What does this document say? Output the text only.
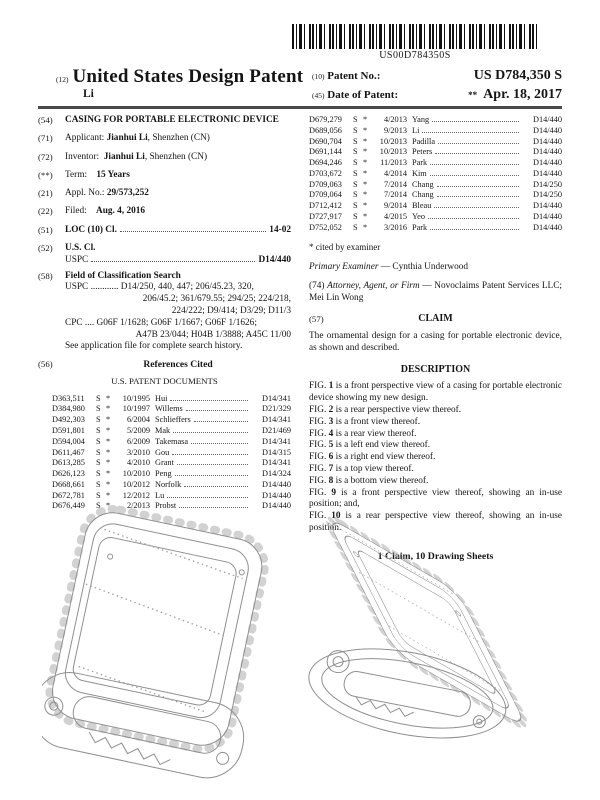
US00D784350S
(12) United States Design Patent
Li
(10) Patent No.:	US D784,350 S
(45) Date of Patent:	** Apr. 18, 2017
(54)	CASING FOR PORTABLE ELECTRONIC DEVICE
(71)	Applicant: Jianhui Li, Shenzhen (CN)
(72)	Inventor: Jianhui Li, Shenzhen (CN)
(**)	Term: 15 Years
(21)	Appl. No.: 29/573,252
(22)	Filed: Aug. 4, 2016
(51)	LOC (10) Cl.	14-02
(52)	U.S. Cl.
USPC	D14/440
(58)	Field of Classification Search
USPC ............ D14/250, 440, 447; 206/45.23, 320,
206/45.2; 361/679.55; 294/25; 224/218,
224/222; D9/414; D3/29; D11/3
CPC .... G06F 1/1628; G06F 1/1667; G06F 1/1626;
A47B 23/044; H04B 1/3888; A45C 11/00
See application file for complete search history.
(56)	References Cited
U.S. PATENT DOCUMENTS
D363,511	S *	10/1995 Hui	D14/341
D384,980	S *	10/1997 Willems	D21/329
D492,303	S *	6/2004 Schlieffers	D14/341
D591,801	S *	5/2009 Mak	D21/469
D594,004	S *	6/2009 Takemasa	D14/341
D611,467	S *	3/2010 Gou	D14/315
D613,285	S *	4/2010 Grant	D14/341
D626,123	S *	10/2010 Peng	D14/324
D668,661	S *	10/2012 Norfolk	D14/440
D672,781	S *	12/2012 Lu	D14/440
D676,449	S *	2/2013 Probst	D14/440
D679,279	S *	4/2013 Yang	D14/440
D689,056	S *	9/2013 Li	D14/440
D690,704	S *	10/2013 Padilla	D14/440
D691,144	S *	10/2013 Peters	D14/440
D694,246	S *	11/2013 Park	D14/440
D703,672	S *	4/2014 Kim	D14/440
D709,063	S *	7/2014 Chang	D14/250
D709,064	S *	7/2014 Chang	D14/250
D712,412	S *	9/2014 Bleau	D14/440
D727,917	S *	4/2015 Yeo	D14/440
D752,052	S *	3/2016 Park	D14/440
* cited by examiner
Primary Examiner — Cynthia Underwood
(74) Attorney, Agent, or Firm — Novoclaims Patent Services LLC; Mei Lin Wong
(57)	CLAIM
The ornamental design for a casing for portable electronic device, as shown and described.
DESCRIPTION
FIG. 1 is a front perspective view of a casing for portable electronic device showing my new design.
FIG. 2 is a rear perspective view thereof.
FIG. 3 is a front view thereof.
FIG. 4 is a rear view thereof.
FIG. 5 is a left end view thereof.
FIG. 6 is a right end view thereof.
FIG. 7 is a top view thereof.
FIG. 8 is a bottom view thereof.
FIG. 9 is a front perspective view thereof, showing an in-use position; and,
FIG. 10 is a rear perspective view thereof, showing an in-use position.
1 Claim, 10 Drawing Sheets
